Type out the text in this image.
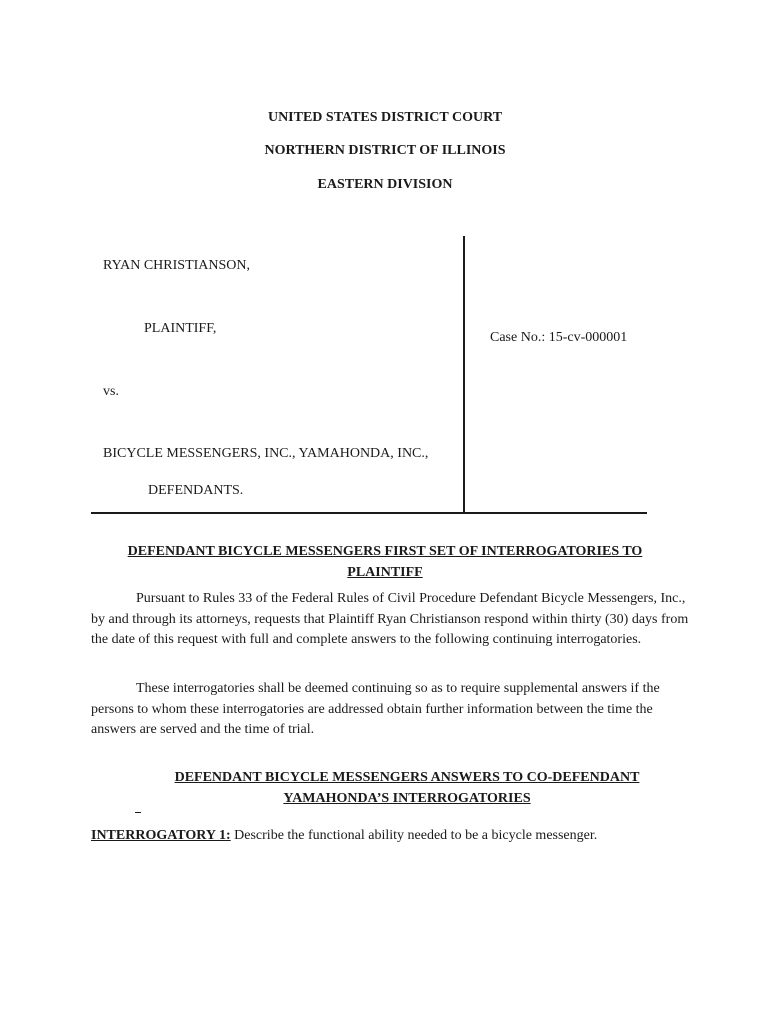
UNITED STATES DISTRICT COURT
NORTHERN DISTRICT OF ILLINOIS
EASTERN DIVISION
RYAN CHRISTIANSON,
PLAINTIFF,
vs.
BICYCLE MESSENGERS, INC., YAMAHONDA, INC.,
DEFENDANTS.
Case No.: 15-cv-000001
DEFENDANT BICYCLE MESSENGERS FIRST SET OF INTERROGATORIES TO
PLAINTIFF
Pursuant to Rules 33 of the Federal Rules of Civil Procedure Defendant Bicycle Messengers, Inc., by and through its attorneys, requests that Plaintiff Ryan Christianson respond within thirty (30) days from the date of this request with full and complete answers to the following continuing interrogatories.
These interrogatories shall be deemed continuing so as to require supplemental answers if the persons to whom these interrogatories are addressed obtain further information between the time the answers are served and the time of trial.
DEFENDANT BICYCLE MESSENGERS ANSWERS TO CO-DEFENDANT
YAMAHONDA’S INTERROGATORIES
INTERROGATORY 1: Describe the functional ability needed to be a bicycle messenger.
